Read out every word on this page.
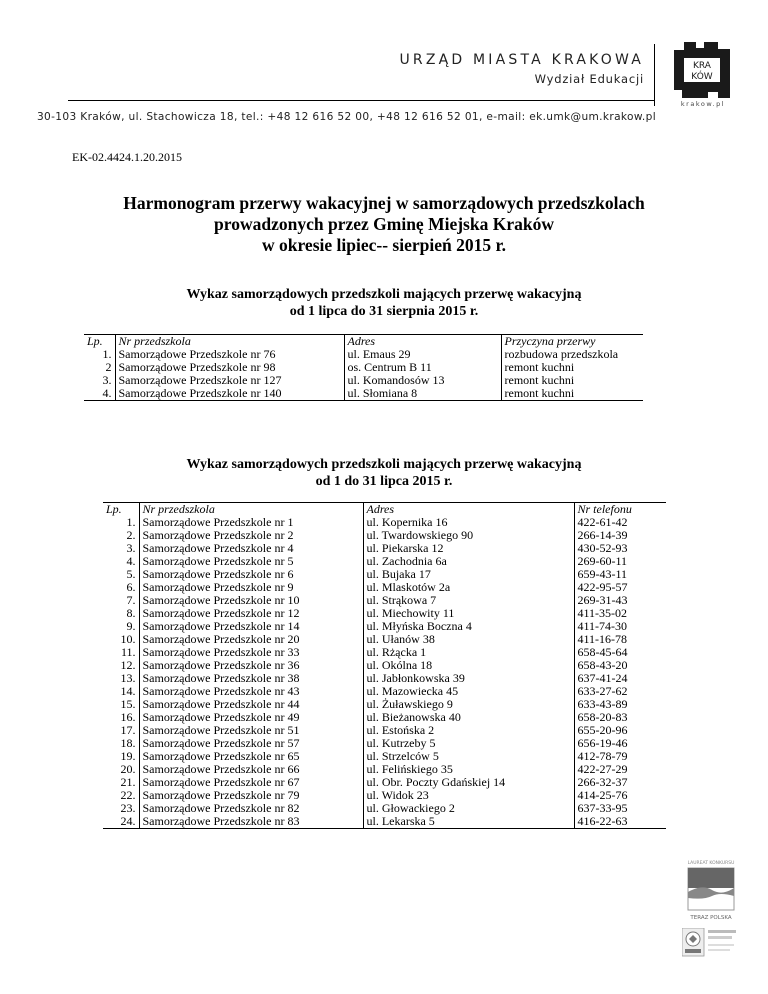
URZĄD MIASTA KRAKOWA
Wydział Edukacji
KRA
KÓW
krakow.pl
30-103 Kraków, ul. Stachowicza 18, tel.: +48 12 616 52 00, +48 12 616 52 01, e-mail: ek.umk@um.krakow.pl
EK-02.4424.1.20.2015
Harmonogram przerwy wakacyjnej w samorządowych przedszkolach
prowadzonych przez Gminę Miejska Kraków
w okresie lipiec-- sierpień 2015 r.
Wykaz samorządowych przedszkoli mających przerwę wakacyjną
od 1 lipca do 31 sierpnia 2015 r.
Lp.	Nr przedszkola	Adres	Przyczyna przerwy
1.	Samorządowe Przedszkole nr 76	ul. Emaus 29	rozbudowa przedszkola
2	Samorządowe Przedszkole nr 98	os. Centrum B 11	remont kuchni
3.	Samorządowe Przedszkole nr 127	ul. Komandosów 13	remont kuchni
4.	Samorządowe Przedszkole nr 140	ul. Słomiana 8	remont kuchni
Wykaz samorządowych przedszkoli mających przerwę wakacyjną
od 1 do 31 lipca 2015 r.
Lp.	Nr przedszkola	Adres	Nr telefonu
1.	Samorządowe Przedszkole nr 1	ul. Kopernika 16	422-61-42
2.	Samorządowe Przedszkole nr 2	ul. Twardowskiego 90	266-14-39
3.	Samorządowe Przedszkole nr 4	ul. Piekarska 12	430-52-93
4.	Samorządowe Przedszkole nr 5	ul. Zachodnia 6a	269-60-11
5.	Samorządowe Przedszkole nr 6	ul. Bujaka 17	659-43-11
6.	Samorządowe Przedszkole nr 9	ul. Mlaskotów 2a	422-95-57
7.	Samorządowe Przedszkole nr 10	ul. Strąkowa 7	269-31-43
8.	Samorządowe Przedszkole nr 12	ul. Miechowity 11	411-35-02
9.	Samorządowe Przedszkole nr 14	ul. Młyńska Boczna 4	411-74-30
10.	Samorządowe Przedszkole nr 20	ul. Ułanów 38	411-16-78
11.	Samorządowe Przedszkole nr 33	ul. Rżącka 1	658-45-64
12.	Samorządowe Przedszkole nr 36	ul. Okólna 18	658-43-20
13.	Samorządowe Przedszkole nr 38	ul. Jabłonkowska 39	637-41-24
14.	Samorządowe Przedszkole nr 43	ul. Mazowiecka 45	633-27-62
15.	Samorządowe Przedszkole nr 44	ul. Żuławskiego 9	633-43-89
16.	Samorządowe Przedszkole nr 49	ul. Bieżanowska 40	658-20-83
17.	Samorządowe Przedszkole nr 51	ul. Estońska 2	655-20-96
18.	Samorządowe Przedszkole nr 57	ul. Kutrzeby 5	656-19-46
19.	Samorządowe Przedszkole nr 65	ul. Strzelców 5	412-78-79
20.	Samorządowe Przedszkole nr 66	ul. Felińskiego 35	422-27-29
21.	Samorządowe Przedszkole nr 67	ul. Obr. Poczty Gdańskiej 14	266-32-37
22.	Samorządowe Przedszkole nr 79	ul. Widok 23	414-25-76
23.	Samorządowe Przedszkole nr 82	ul. Głowackiego 2	637-33-95
24.	Samorządowe Przedszkole nr 83	ul. Lekarska 5	416-22-63
LAUREAT KONKURSU
TERAZ POLSKA
